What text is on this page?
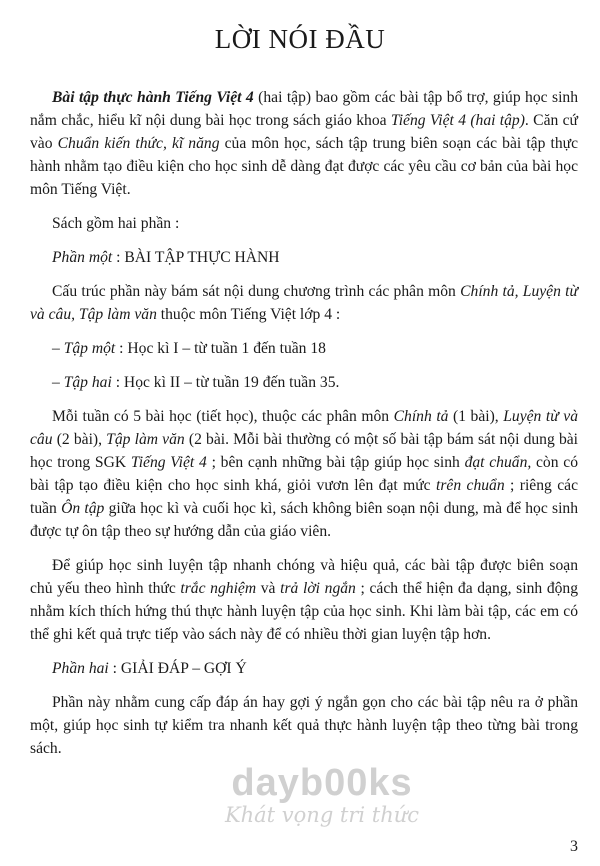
LỜI NÓI ĐẦU

Bài tập thực hành Tiếng Việt 4 (hai tập) bao gồm các bài tập bổ trợ, giúp học sinh nắm chắc, hiểu kĩ nội dung bài học trong sách giáo khoa Tiếng Việt 4 (hai tập). Căn cứ vào Chuẩn kiến thức, kĩ năng của môn học, sách tập trung biên soạn các bài tập thực hành nhằm tạo điều kiện cho học sinh dễ dàng đạt được các yêu cầu cơ bản của bài học môn Tiếng Việt.

Sách gồm hai phần :

Phần một : BÀI TẬP THỰC HÀNH

Cấu trúc phần này bám sát nội dung chương trình các phân môn Chính tả, Luyện từ và câu, Tập làm văn thuộc môn Tiếng Việt lớp 4 :

– Tập một : Học kì I – từ tuần 1 đến tuần 18

– Tập hai : Học kì II – từ tuần 19 đến tuần 35.

Mỗi tuần có 5 bài học (tiết học), thuộc các phân môn Chính tả (1 bài), Luyện từ và câu (2 bài), Tập làm văn (2 bài. Mỗi bài thường có một số bài tập bám sát nội dung bài học trong SGK Tiếng Việt 4 ; bên cạnh những bài tập giúp học sinh đạt chuẩn, còn có bài tập tạo điều kiện cho học sinh khá, giỏi vươn lên đạt mức trên chuẩn ; riêng các tuần Ôn tập giữa học kì và cuối học kì, sách không biên soạn nội dung, mà để học sinh được tự ôn tập theo sự hướng dẫn của giáo viên.

Để giúp học sinh luyện tập nhanh chóng và hiệu quả, các bài tập được biên soạn chủ yếu theo hình thức trắc nghiệm và trả lời ngắn ; cách thể hiện đa dạng, sinh động nhằm kích thích hứng thú thực hành luyện tập của học sinh. Khi làm bài tập, các em có thể ghi kết quả trực tiếp vào sách này để có nhiều thời gian luyện tập hơn.

Phần hai : GIẢI ĐÁP – GỢI Ý

Phần này nhằm cung cấp đáp án hay gợi ý ngắn gọn cho các bài tập nêu ra ở phần một, giúp học sinh tự kiểm tra nhanh kết quả thực hành luyện tập theo từng bài trong sách.

dayb00ks
Khát vọng tri thức
3
